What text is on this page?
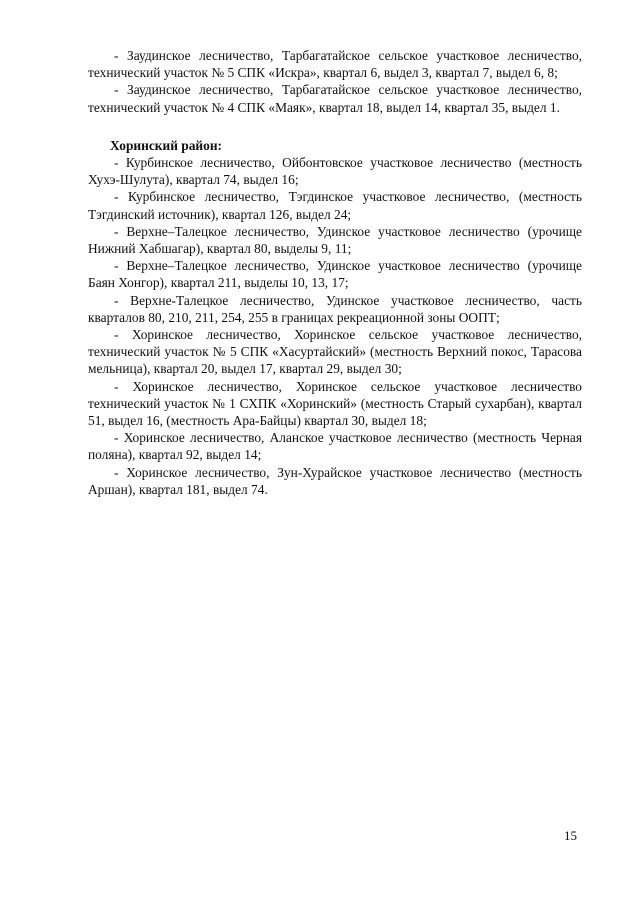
- Заудинское лесничество, Тарбагатайское сельское участковое лесничество, технический участок № 5 СПК «Искра», квартал 6, выдел 3, квартал 7, выдел 6, 8;

- Заудинское лесничество, Тарбагатайское сельское участковое лесничество, технический участок № 4 СПК «Маяк», квартал 18, выдел 14, квартал 35, выдел 1.

Хоринский район:

- Курбинское лесничество, Ойбонтовское участковое лесничество (местность Хухэ-Шулута), квартал 74, выдел 16;

- Курбинское лесничество, Тэгдинское участковое лесничество, (местность Тэгдинский источник), квартал 126, выдел 24;

- Верхне–Талецкое лесничество, Удинское участковое лесничество (урочище Нижний Хабшагар), квартал 80, выделы 9, 11;

- Верхне–Талецкое лесничество, Удинское участковое лесничество (урочище Баян Хонгор), квартал 211, выделы 10, 13, 17;

- Верхне-Талецкое лесничество, Удинское участковое лесничество, часть кварталов 80, 210, 211, 254, 255 в границах рекреационной зоны ООПТ;

- Хоринское лесничество, Хоринское сельское участковое лесничество, технический участок № 5 СПК «Хасуртайский» (местность Верхний покос, Тарасова мельница), квартал 20, выдел 17, квартал 29, выдел 30;

- Хоринское лесничество, Хоринское сельское участковое лесничество технический участок № 1 СХПК «Хоринский» (местность Старый сухарбан), квартал 51, выдел 16, (местность Ара-Байцы) квартал 30, выдел 18;

- Хоринское лесничество, Аланское участковое лесничество (местность Черная поляна), квартал 92, выдел 14;

- Хоринское лесничество, Зун-Хурайское участковое лесничество (местность Аршан), квартал 181, выдел 74.

15
